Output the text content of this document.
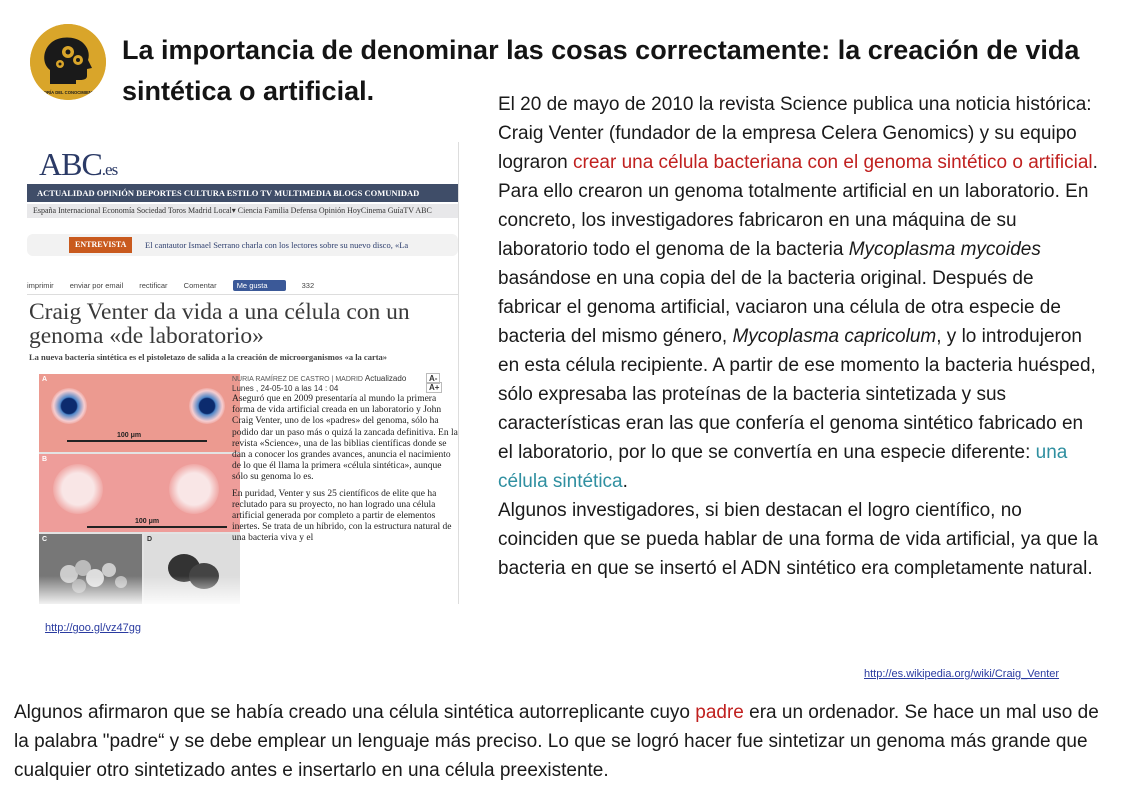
TEORÍA DEL CONOCIMIENTO
La importancia de denominar las cosas correctamente: la creación de vida sintética o artificial.
ABC.es
ACTUALIDAD OPINIÓN DEPORTES CULTURA ESTILO TV MULTIMEDIA BLOGS COMUNIDAD
España Internacional Economía Sociedad Toros Madrid Local▾ Ciencia Familia Defensa Opinión HoyCinema GuíaTV ABC
ENTREVISTA	El cantautor Ismael Serrano charla con los lectores sobre su nuevo disco, «La
imprimir enviar por email rectificar Comentar	Me gusta	332
Craig Venter da vida a una célula con un genoma «de laboratorio»
La nueva bacteria sintética es el pistoletazo de salida a la creación de microorganismos «a la carta»
100 μm
A
100 μm
B
C	D
NURIA RAMÍREZ DE CASTRO | MADRID Actualizado
Lunes , 24-05-10 a las 14 : 04
A-A+

Aseguró que en 2009 presentaría al mundo la primera forma de vida artificial creada en un laboratorio y John Craig Venter, uno de los «padres» del genoma, sólo ha podido dar un paso más o quizá la zancada definitiva. En la revista «Science», una de las biblias científicas donde se dan a conocer los grandes avances, anuncia el nacimiento de lo que él llama la primera «célula sintética», aunque sólo su genoma lo es.

En puridad, Venter y sus 25 científicos de elite que ha reclutado para su proyecto, no han logrado una célula artificial generada por completo a partir de elementos inertes. Se trata de un híbrido, con la estructura natural de una bacteria viva y el

http://goo.gl/vz47gg
El 20 de mayo de 2010 la revista Science publica una noticia histórica: Craig Venter (fundador de la empresa Celera Genomics) y su equipo lograron crear una célula bacteriana con el genoma sintético o artificial. Para ello crearon un genoma totalmente artificial en un laboratorio. En concreto, los investigadores fabricaron en una máquina de su laboratorio todo el genoma de la bacteria Mycoplasma mycoides basándose en una copia del de la bacteria original. Después de fabricar el genoma artificial, vaciaron una célula de otra especie de bacteria del mismo género, Mycoplasma capricolum, y lo introdujeron en esta célula recipiente. A partir de ese momento la bacteria huésped, sólo expresaba las proteínas de la bacteria sintetizada y sus características eran las que confería el genoma sintético fabricado en el laboratorio, por lo que se convertía en una especie diferente: una célula sintética.
Algunos investigadores, si bien destacan el logro científico, no coinciden que se pueda hablar de una forma de vida artificial, ya que la bacteria en que se insertó el ADN sintético era completamente natural.
http://es.wikipedia.org/wiki/Craig_Venter
Algunos afirmaron que se había creado una célula sintética autorreplicante cuyo padre era un ordenador. Se hace un mal uso de la palabra "padre“ y se debe emplear un lenguaje más preciso. Lo que se logró hacer fue sintetizar un genoma más grande que cualquier otro sintetizado antes e insertarlo en una célula preexistente.
